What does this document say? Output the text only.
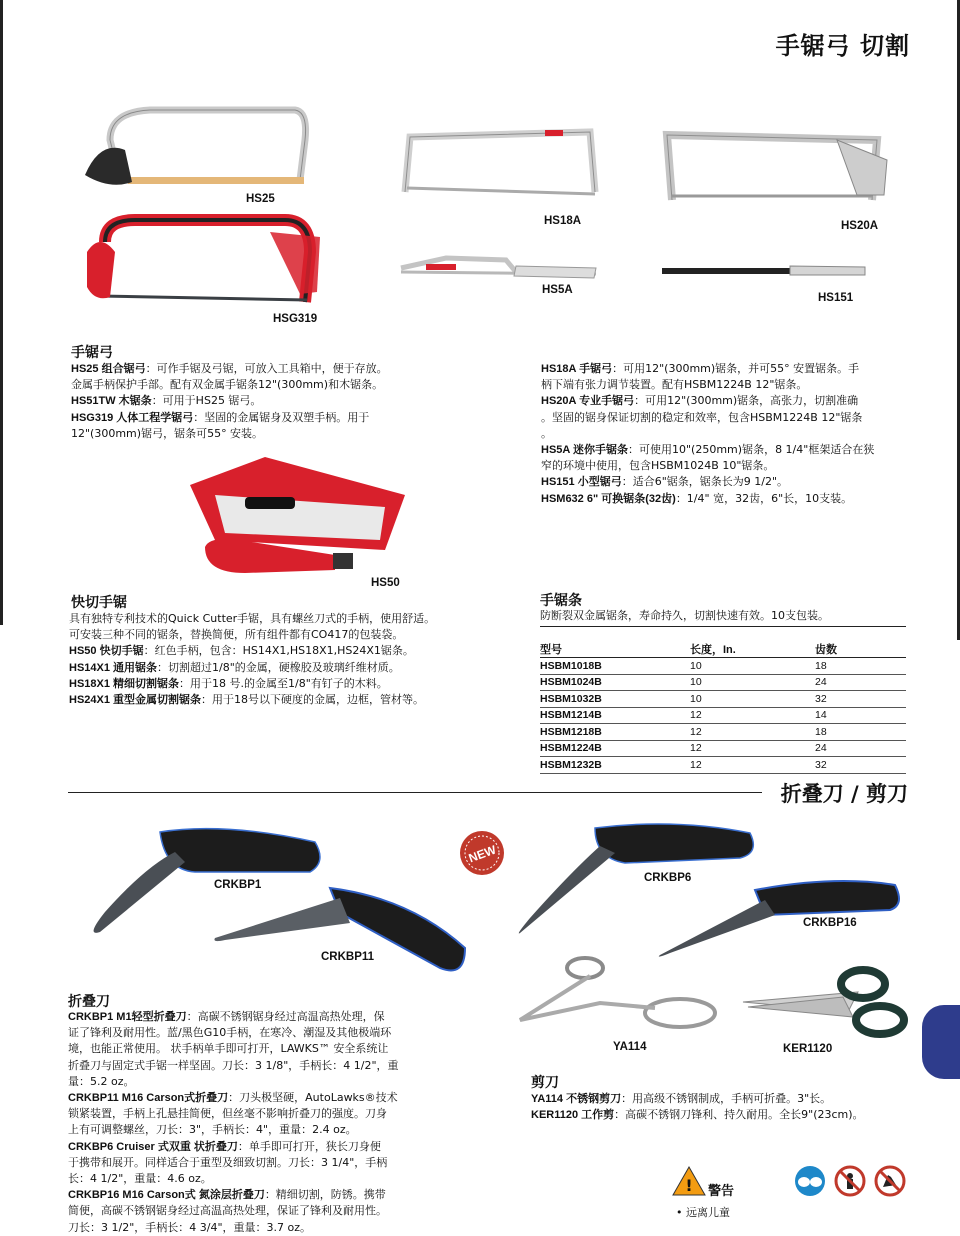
手锯弓 切割
折叠刀 / 剪刀
HS25
HSG319
HS18A	HS20A
HS5A
HS151
HS50
手锯弓

HS25 组合锯弓：可作手锯及弓锯，可放入工具箱中，便于存放。

金属手柄保护手部。配有双金属手锯条12"(300mm)和木锯条。

HS51TW 木锯条：可用于HS25 锯弓。

HSG319 人体工程学锯弓：坚固的金属锯身及双塑手柄。用于

12"(300mm)锯弓，锯条可55° 安装。

HS18A 手锯弓：可用12"(300mm)锯条，并可55° 安置锯条。手

柄下端有张力调节装置。配有HSBM1224B 12"锯条。

HS20A 专业手锯弓：可用12"(300mm)锯条，高张力，切割准确

。坚固的锯身保证切割的稳定和效率，包含HSBM1224B 12"锯条

。

HS5A 迷你手锯条：可使用10"(250mm)锯条，8 1/4"框架适合在狭

窄的环境中使用，包含HSBM1024B 10"锯条。

HS151 小型锯弓：适合6"锯条，锯条长为9 1/2"。

HSM632 6" 可换锯条(32齿)：1/4" 宽，32齿，6"长，10支装。

快切手锯

具有独特专利技术的Quick Cutter手锯，具有螺丝刀式的手柄，使用舒适。

可安装三种不同的锯条，替换简便，所有组件都有CO417的包装袋。

HS50 快切手锯：红色手柄，包含：HS14X1,HS18X1,HS24X1锯条。

HS14X1 通用锯条：切割超过1/8"的金属，硬橡胶及玻璃纤维材质。

HS18X1 精细切割锯条：用于18 号.的金属至1/8"有钉子的木料。

HS24X1 重型金属切割锯条：用于18号以下硬度的金属，边框，管材等。

手锯条
防断裂双金属锯条，寿命持久，切割快速有效。10支包装。
型号	长度，In.	齿数
HSBM1018B	10	18
HSBM1024B	10	24
HSBM1032B	10	32
HSBM1214B	12	14
HSBM1218B	12	18
HSBM1224B	12	24
HSBM1232B	12	32
CRKBP1
CRKBP11
NEW
CRKBP6
CRKBP16
YA114	KER1120
折叠刀

CRKBP1 M1轻型折叠刀：高碳不锈钢锯身经过高温高热处理，保

证了锋利及耐用性。蓝/黑色G10手柄，在寒冷、潮湿及其他极端环

境，也能正常使用。 状手柄单手即可打开，LAWKS™ 安全系统让

折叠刀与固定式手锯一样坚固。刀长：3 1/8"，手柄长：4 1/2"，重

量：5.2 oz。

CRKBP11 M16 Carson式折叠刀：刀头极坚硬，AutoLawks®技术

锁紧装置，手柄上孔悬挂简便，但丝毫不影响折叠刀的强度。刀身

上有可调整螺丝，刀长：3"，手柄长：4"，重量：2.4 oz。

CRKBP6 Cruiser 式双重 状折叠刀：单手即可打开，狭长刀身便

于携带和展开。同样适合于重型及细致切割。刀长：3 1/4"，手柄

长：4 1/2"，重量：4.6 oz。

CRKBP16 M16 Carson式 氮涂层折叠刀：精细切割，防锈。携带

简便，高碳不锈钢锯身经过高温高热处理，保证了锋利及耐用性。

刀长：3 1/2"，手柄长：4 3/4"，重量：3.7 oz。

剪刀

YA114 不锈钢剪刀：用高级不锈钢制成，手柄可折叠。3"长。

KER1120 工作剪：高碳不锈钢刀锋利、持久耐用。全长9"(23cm)。

! 警告
• 远离儿童
